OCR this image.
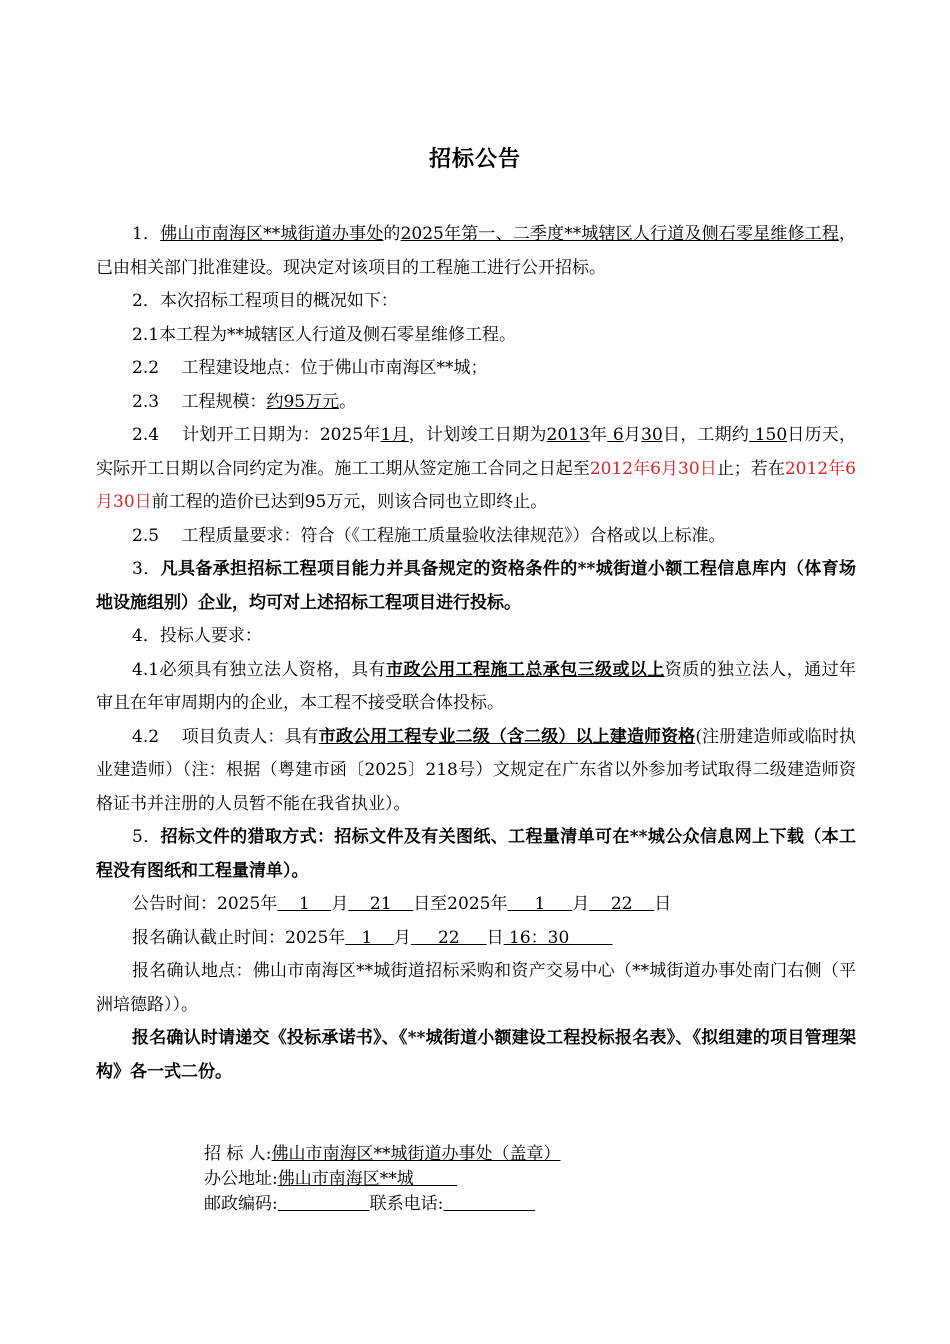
招标公告
1．佛山市南海区**城街道办事处的2025年第一、二季度**城辖区人行道及侧石零星维修工程，已由相关部门批准建设。现决定对该项目的工程施工进行公开招标。
2．本次招标工程项目的概况如下：
2.1本工程为**城辖区人行道及侧石零星维修工程。
2.2　 工程建设地点：位于佛山市南海区**城；
2.3　 工程规模：约95万元。
2.4　 计划开工日期为：2025年1月，计划竣工日期为2013年 6月30日，工期约 150日历天，实际开工日期以合同约定为准。施工工期从签定施工合同之日起至2012年6月30日止；若在2012年6月30日前工程的造价已达到95万元，则该合同也立即终止。
2.5　 工程质量要求：符合（《工程施工质量验收法律规范》）合格或以上标准。
3．凡具备承担招标工程项目能力并具备规定的资格条件的**城街道小额工程信息库内（体育场地设施组别）企业，均可对上述招标工程项目进行投标。
4．投标人要求：
4.1必须具有独立法人资格，具有市政公用工程施工总承包三级或以上资质的独立法人，通过年审且在年审周期内的企业，本工程不接受联合体投标。
4.2　 项目负责人：具有市政公用工程专业二级（含二级）以上建造师资格(注册建造师或临时执业建造师）（注：根据（粤建市函〔2025〕218号）文规定在广东省以外参加考试取得二级建造师资格证书并注册的人员暂不能在我省执业）。
5．招标文件的猎取方式：招标文件及有关图纸、工程量清单可在**城公众信息网上下载（本工程没有图纸和工程量清单）。
公告时间：2025年    1    月    21    日至2025年     1     月    22    日
报名确认截止时间：2025年   1    月     22     日 16：30
报名确认地点：佛山市南海区**城街道招标采购和资产交易中心（**城街道办事处南门右侧（平洲培德路））。
报名确认时请递交《投标承诺书》、《**城街道小额建设工程投标报名表》、《拟组建的项目管理架构》各一式二份。
招 标 人:佛山市南海区**城街道办事处（盖章）
办公地址:佛山市南海区**城
邮政编码:	联系电话:
